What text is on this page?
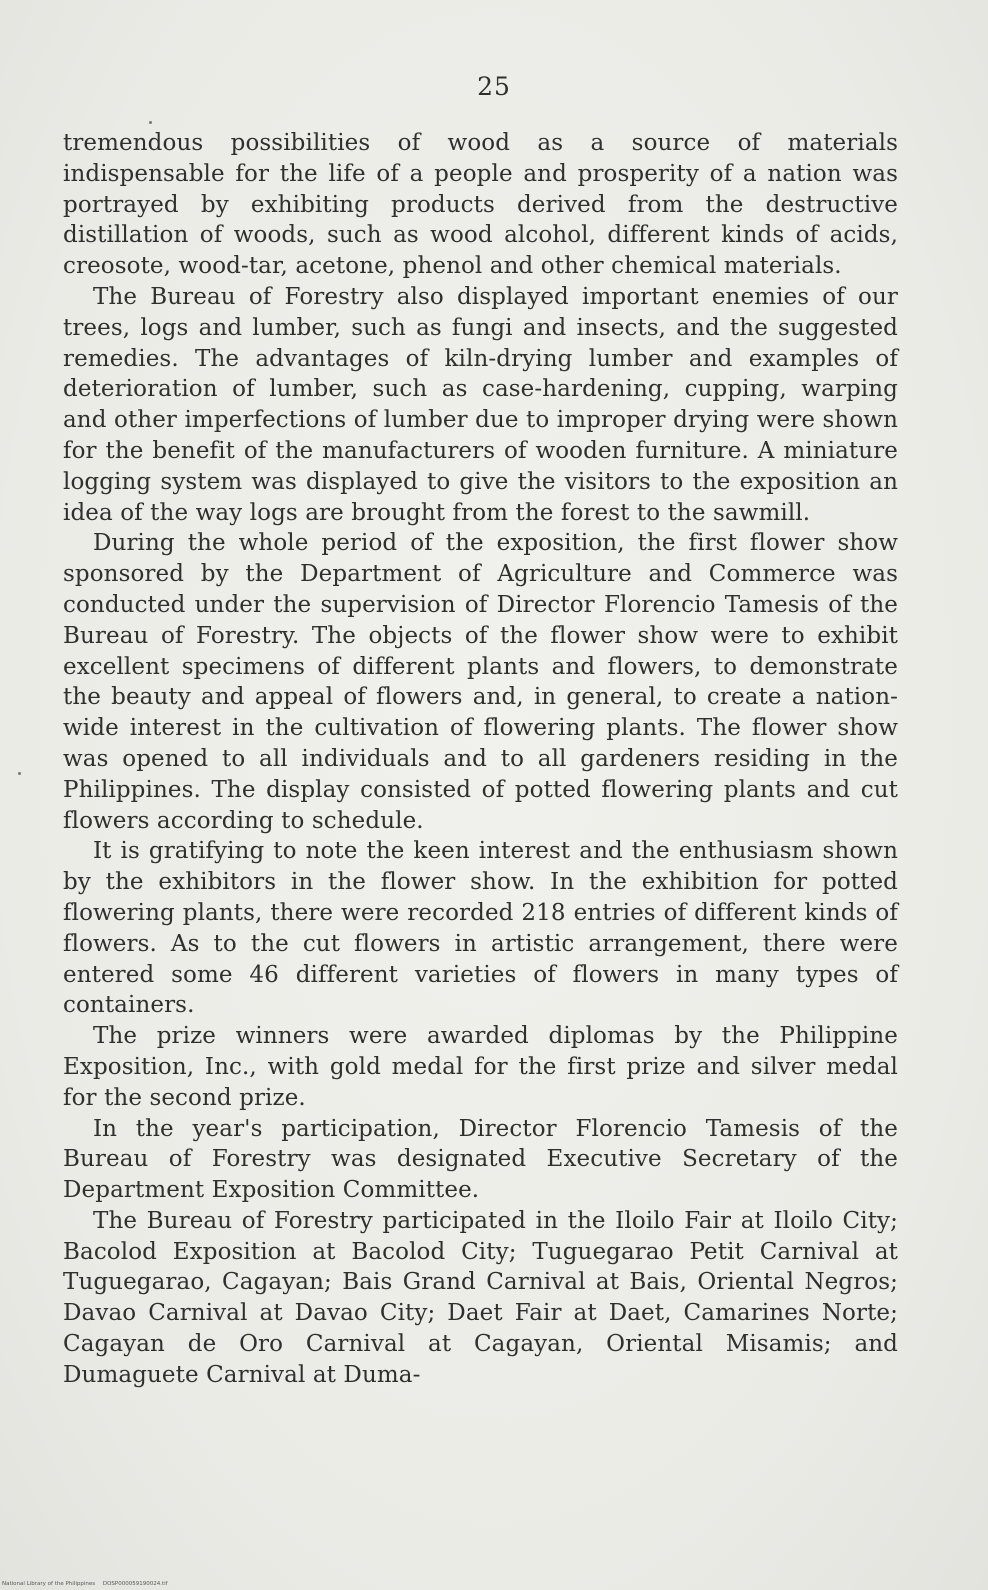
25

tremendous possibilities of wood as a source of materials indispensable for the life of a people and prosperity of a nation was portrayed by exhibiting products derived from the destructive distillation of woods, such as wood alcohol, different kinds of acids, creosote, wood-tar, acetone, phenol and other chemical materials.

The Bureau of Forestry also displayed important enemies of our trees, logs and lumber, such as fungi and insects, and the suggested remedies. The advantages of kiln-drying lumber and examples of deterioration of lumber, such as case-hardening, cupping, warping and other imperfections of lumber due to improper drying were shown for the benefit of the manufacturers of wooden furniture. A miniature logging system was displayed to give the visitors to the exposition an idea of the way logs are brought from the forest to the sawmill.

During the whole period of the exposition, the first flower show sponsored by the Department of Agriculture and Commerce was conducted under the supervision of Director Florencio Tamesis of the Bureau of Forestry. The objects of the flower show were to exhibit excellent specimens of different plants and flowers, to demonstrate the beauty and appeal of flowers and, in general, to create a nation-wide interest in the cultivation of flowering plants. The flower show was opened to all individuals and to all gardeners residing in the Philippines. The display consisted of potted flowering plants and cut flowers according to schedule.

It is gratifying to note the keen interest and the enthusiasm shown by the exhibitors in the flower show. In the exhibition for potted flowering plants, there were recorded 218 entries of different kinds of flowers. As to the cut flowers in artistic arrangement, there were entered some 46 different varieties of flowers in many types of containers.

The prize winners were awarded diplomas by the Philippine Exposition, Inc., with gold medal for the first prize and silver medal for the second prize.

In the year's participation, Director Florencio Tamesis of the Bureau of Forestry was designated Executive Secretary of the Department Exposition Committee.

The Bureau of Forestry participated in the Iloilo Fair at Iloilo City; Bacolod Exposition at Bacolod City; Tuguegarao Petit Carnival at Tuguegarao, Cagayan; Bais Grand Carnival at Bais, Oriental Negros; Davao Carnival at Davao City; Daet Fair at Daet, Camarines Norte; Cagayan de Oro Carnival at Cagayan, Oriental Misamis; and Dumaguete Carnival at Duma-

National Library of the Philippines DOSP000059190024.tif
